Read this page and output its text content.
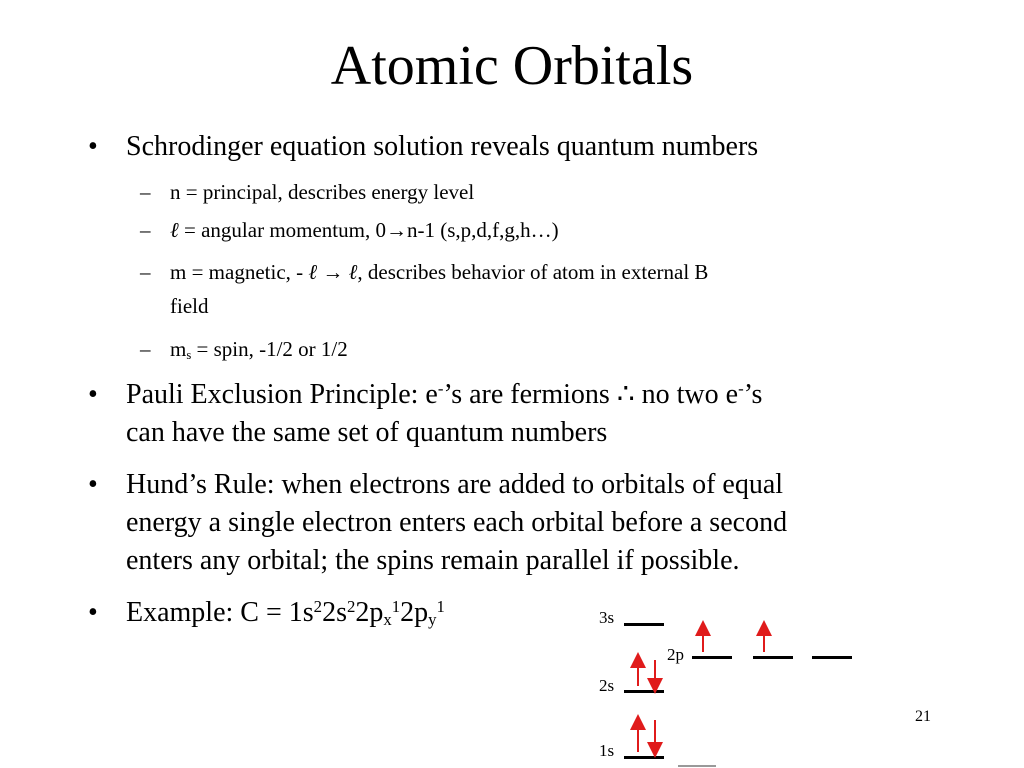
Atomic Orbitals
• Schrodinger equation solution reveals quantum numbers
– n = principal, describes energy level
– ℓ = angular momentum, 0→n-1 (s,p,d,f,g,h…)
– m = magnetic, - ℓ → ℓ, describes behavior of atom in external B
field
– $m_s$ = spin, -1/2 or 1/2
• Pauli Exclusion Principle: e-’s are fermions ∴ no two e-’s
can have the same set of quantum numbers
• Hund’s Rule: when electrons are added to orbitals of equal
energy a single electron enters each orbital before a second
enters any orbital; the spins remain parallel if possible.
• Example: $C = 1s^22s^22p_x^12p_y^1$
3s
2p
2s
1s
21
